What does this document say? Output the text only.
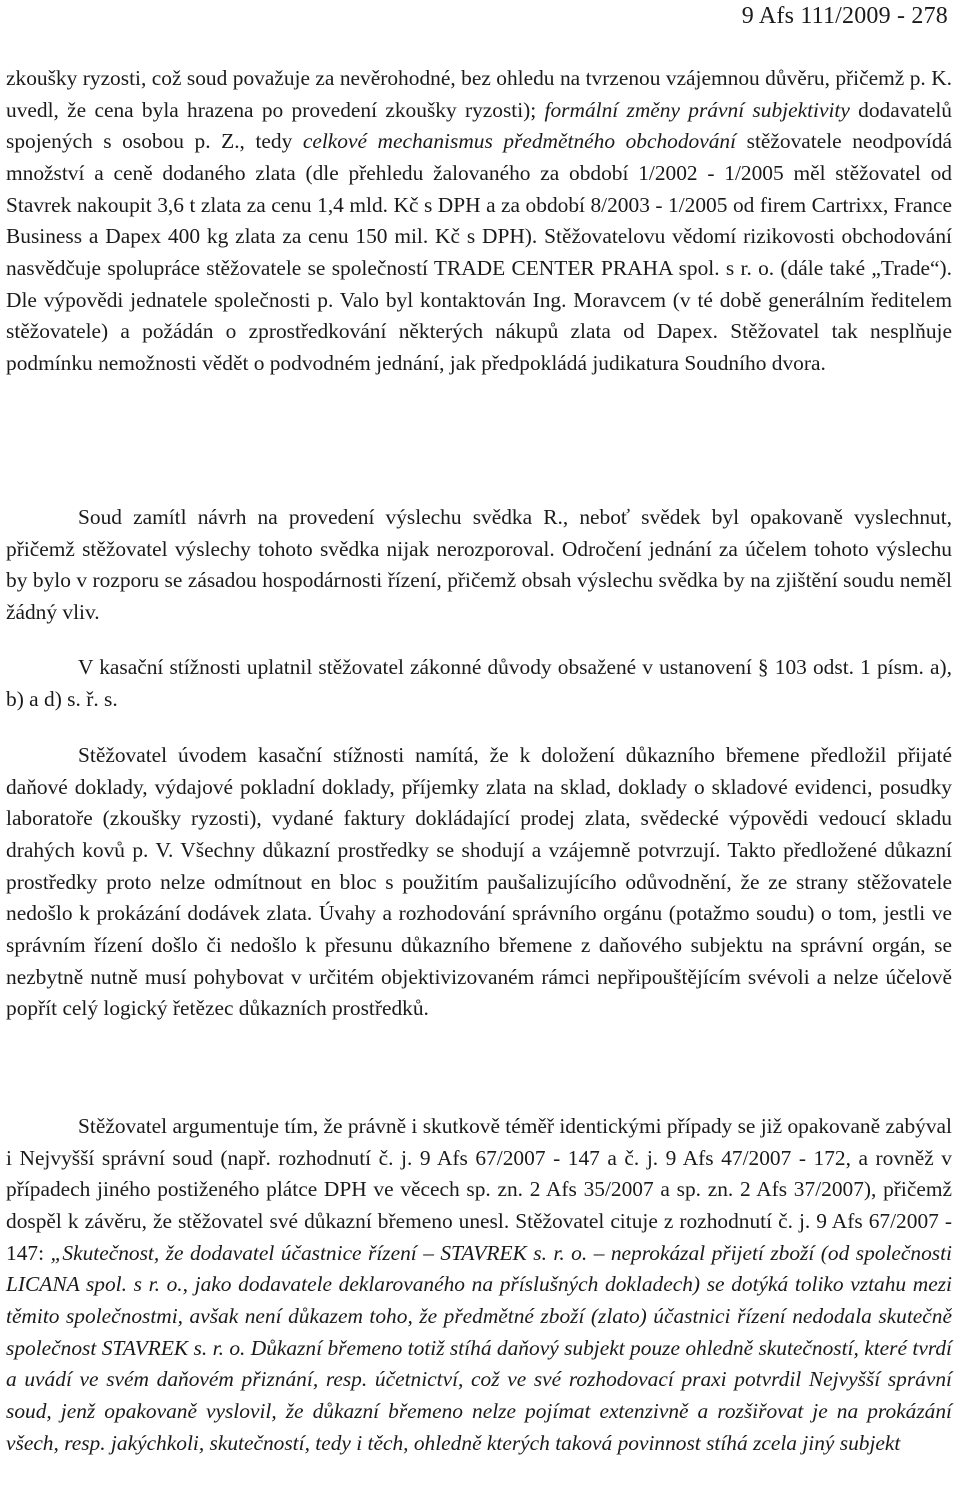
9 Afs 111/2009 - 278

zkoušky ryzosti, což soud považuje za nevěrohodné, bez ohledu na tvrzenou vzájemnou důvěru, přičemž p. K. uvedl, že cena byla hrazena po provedení zkoušky ryzosti); formální změny právní subjektivity dodavatelů spojených s osobou p. Z., tedy celkové mechanismus předmětného obchodování stěžovatele neodpovídá množství a ceně dodaného zlata (dle přehledu žalovaného za období 1/2002 - 1/2005 měl stěžovatel od Stavrek nakoupit 3,6 t zlata za cenu 1,4 mld. Kč s DPH a za období 8/2003 - 1/2005 od firem Cartrixx, France Business a Dapex 400 kg zlata za cenu 150 mil. Kč s DPH). Stěžovatelovu vědomí rizikovosti obchodování nasvědčuje spolupráce stěžovatele se společností TRADE CENTER PRAHA spol. s r. o. (dále také „Trade“). Dle výpovědi jednatele společnosti p. Valo byl kontaktován Ing. Moravcem (v té době generálním ředitelem stěžovatele) a požádán o zprostředkování některých nákupů zlata od Dapex. Stěžovatel tak nesplňuje podmínku nemožnosti vědět o podvodném jednání, jak předpokládá judikatura Soudního dvora.

Soud zamítl návrh na provedení výslechu svědka R., neboť svědek byl opakovaně vyslechnut, přičemž stěžovatel výslechy tohoto svědka nijak nerozporoval. Odročení jednání za účelem tohoto výslechu by bylo v rozporu se zásadou hospodárnosti řízení, přičemž obsah výslechu svědka by na zjištění soudu neměl žádný vliv.

V kasační stížnosti uplatnil stěžovatel zákonné důvody obsažené v ustanovení § 103 odst. 1 písm. a), b) a d) s. ř. s.

Stěžovatel úvodem kasační stížnosti namítá, že k doložení důkazního břemene předložil přijaté daňové doklady, výdajové pokladní doklady, příjemky zlata na sklad, doklady o skladové evidenci, posudky laboratoře (zkoušky ryzosti), vydané faktury dokládající prodej zlata, svědecké výpovědi vedoucí skladu drahých kovů p. V. Všechny důkazní prostředky se shodují a vzájemně potvrzují. Takto předložené důkazní prostředky proto nelze odmítnout en bloc s použitím paušalizujícího odůvodnění, že ze strany stěžovatele nedošlo k prokázání dodávek zlata. Úvahy a rozhodování správního orgánu (potažmo soudu) o tom, jestli ve správním řízení došlo či nedošlo k přesunu důkazního břemene z daňového subjektu na správní orgán, se nezbytně nutně musí pohybovat v určitém objektivizovaném rámci nepřipouštějícím svévoli a nelze účelově popřít celý logický řetězec důkazních prostředků.

Stěžovatel argumentuje tím, že právně i skutkově téměř identickými případy se již opakovaně zabýval i Nejvyšší správní soud (např. rozhodnutí č. j. 9 Afs 67/2007 - 147 a č. j. 9 Afs 47/2007 - 172, a rovněž v případech jiného postiženého plátce DPH ve věcech sp. zn. 2 Afs 35/2007 a sp. zn. 2 Afs 37/2007), přičemž dospěl k závěru, že stěžovatel své důkazní břemeno unesl. Stěžovatel cituje z rozhodnutí č. j. 9 Afs 67/2007 - 147: „Skutečnost, že dodavatel účastnice řízení – STAVREK s. r. o. – neprokázal přijetí zboží (od společnosti LICANA spol. s r. o., jako dodavatele deklarovaného na příslušných dokladech) se dotýká toliko vztahu mezi těmito společnostmi, avšak není důkazem toho, že předmětné zboží (zlato) účastnici řízení nedodala skutečně společnost STAVREK s. r. o. Důkazní břemeno totiž stíhá daňový subjekt pouze ohledně skutečností, které tvrdí a uvádí ve svém daňovém přiznání, resp. účetnictví, což ve své rozhodovací praxi potvrdil Nejvyšší správní soud, jenž opakovaně vyslovil, že důkazní břemeno nelze pojímat extenzivně a rozšiřovat je na prokázání všech, resp. jakýchkoli, skutečností, tedy i těch, ohledně kterých taková povinnost stíhá zcela jiný subjekt
